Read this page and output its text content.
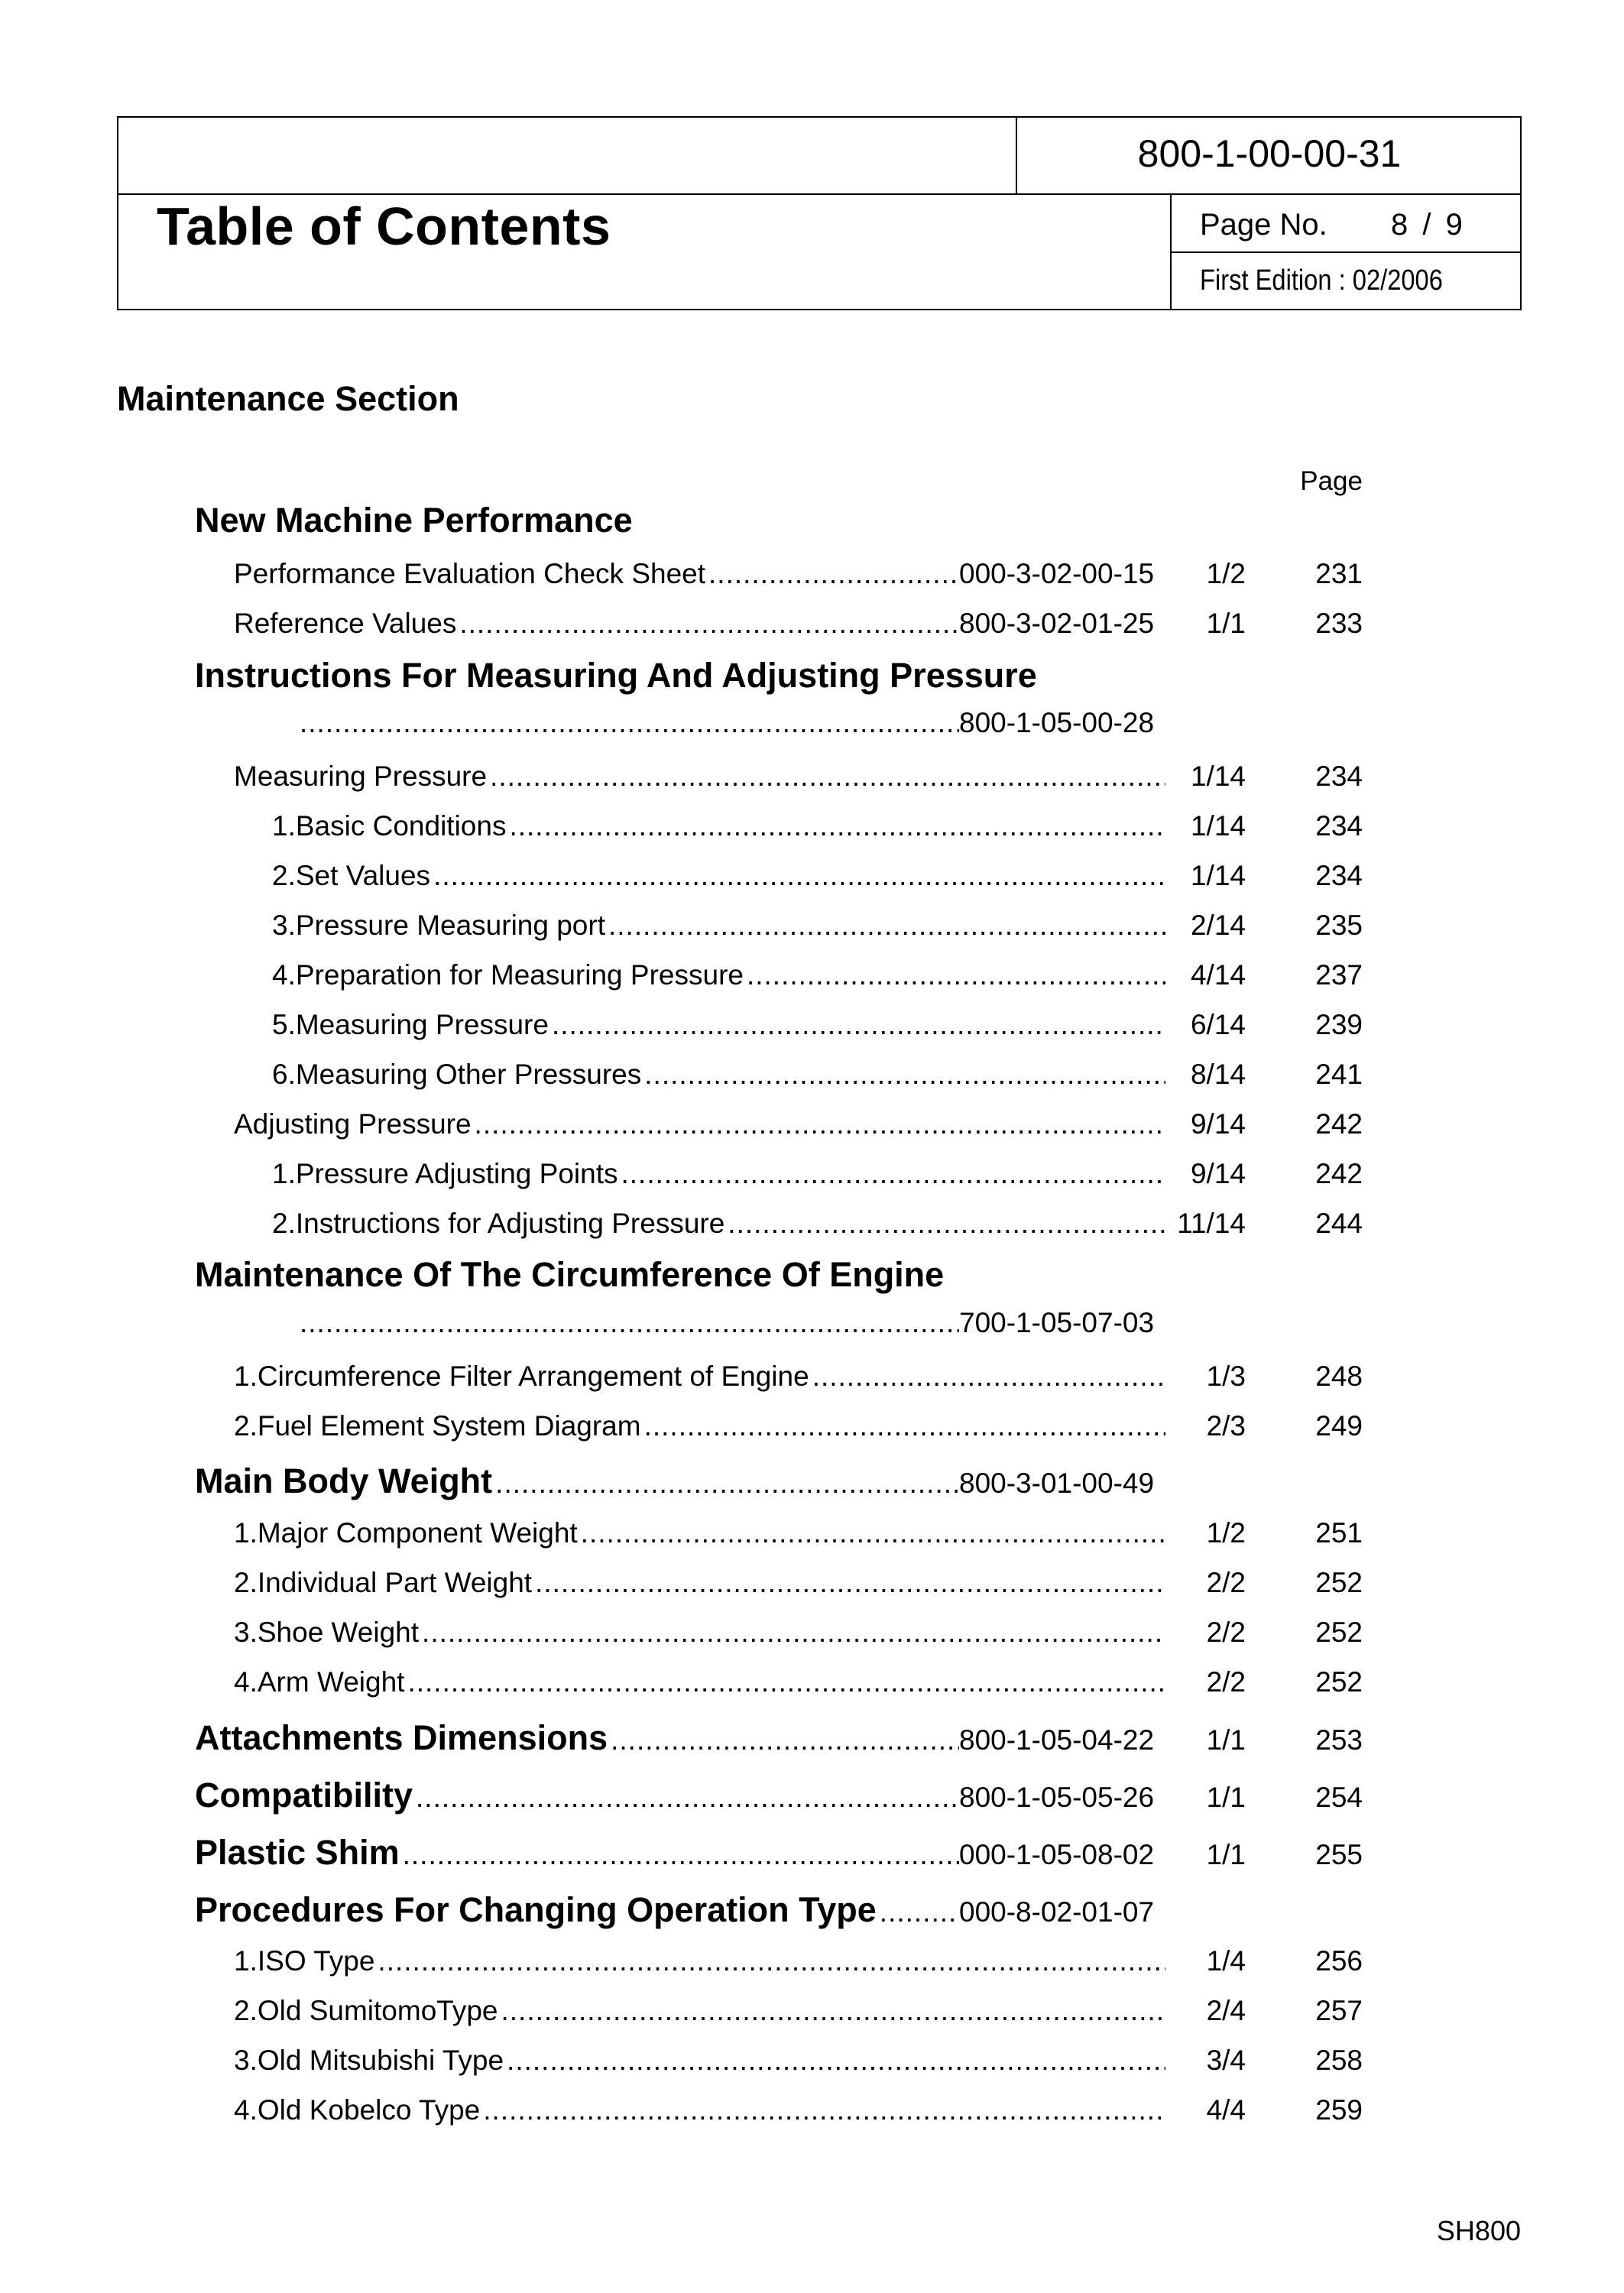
800-1-00-00-31
Table of Contents	Page No. 8 / 9
First Edition : 02/2006
Maintenance Section
Page
New Machine Performance
Performance Evaluation Check Sheet .....	000-3-02-00-15	1/2	231
Reference Values .....	800-3-02-01-25	1/1	233
Instructions For Measuring And Adjusting Pressure
.....
800-1-05-00-28
Measuring Pressure .....	1/14	234
1.Basic Conditions .....	1/14	234
2.Set Values .....	1/14	234
3.Pressure Measuring port .....	2/14	235
4.Preparation for Measuring Pressure .....	4/14	237
5.Measuring Pressure .....	6/14	239
6.Measuring Other Pressures .....	8/14	241
Adjusting Pressure .....	9/14	242
1.Pressure Adjusting Points .....	9/14	242
2.Instructions for Adjusting Pressure .....	11/14	244
Maintenance Of The Circumference Of Engine
.....
700-1-05-07-03
1.Circumference Filter Arrangement of Engine .....	1/3	248
2.Fuel Element System Diagram .....	2/3	249
Main Body Weight .....	800-3-01-00-49
1.Major Component Weight .....	1/2	251
2.Individual Part Weight .....	2/2	252
3.Shoe Weight .....	2/2	252
4.Arm Weight .....	2/2	252
Attachments Dimensions .....	800-1-05-04-22	1/1	253
Compatibility .....	800-1-05-05-26	1/1	254
Plastic Shim .....	000-1-05-08-02	1/1	255
Procedures For Changing Operation Type .....	000-8-02-01-07
1.ISO Type .....	1/4	256
2.Old SumitomoType .....	2/4	257
3.Old Mitsubishi Type .....	3/4	258
4.Old Kobelco Type .....	4/4	259
SH800
